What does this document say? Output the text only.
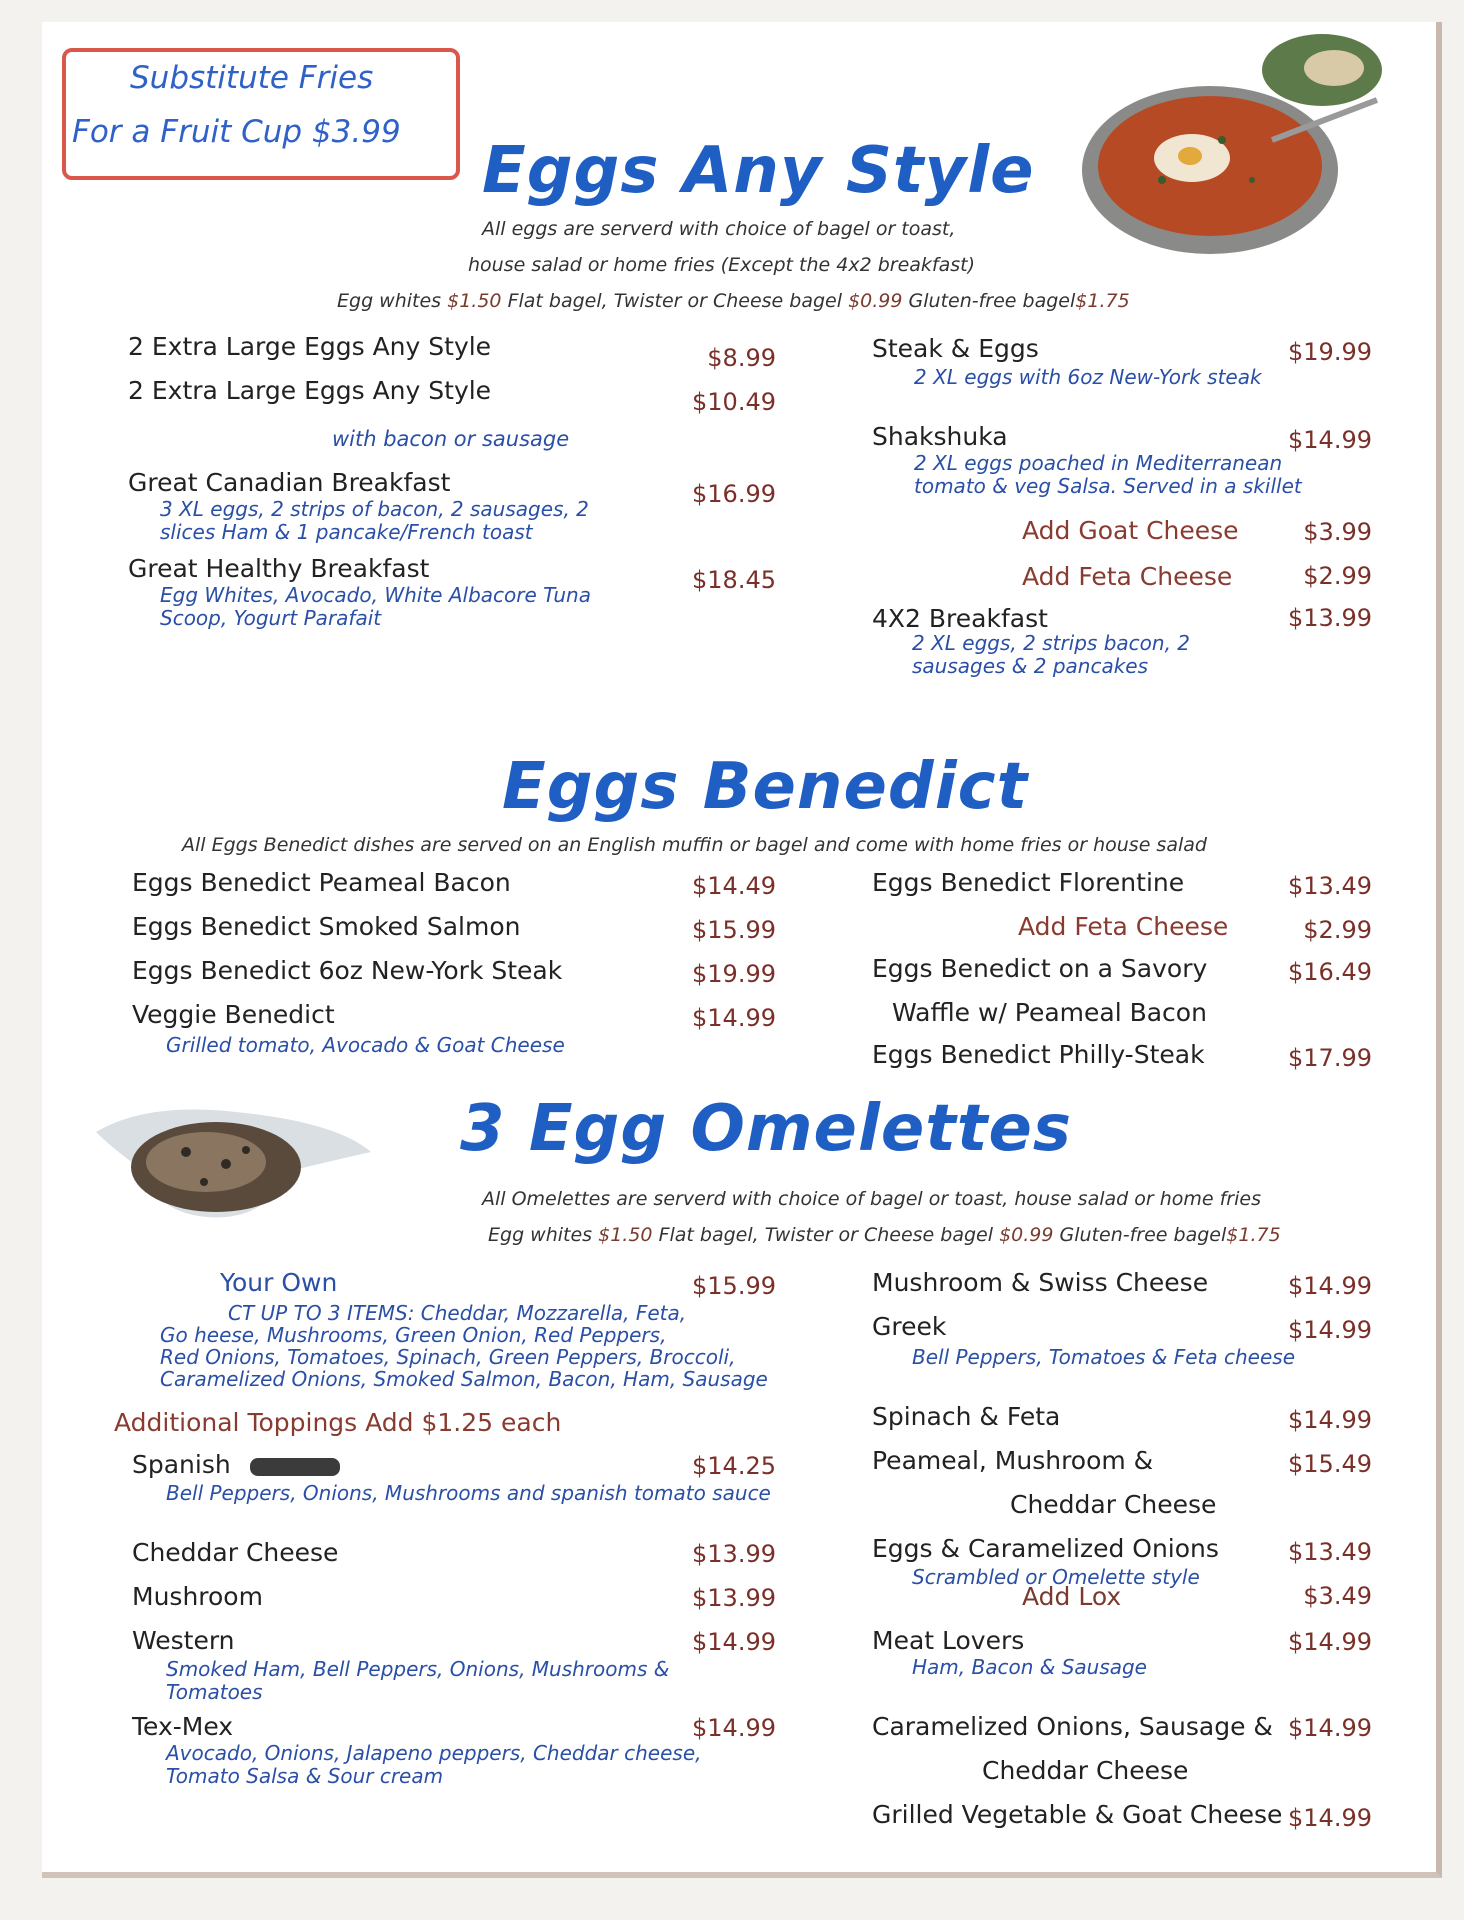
Substitute Fries
For a Fruit Cup $3.99
Eggs Any Style
All eggs are serverd with choice of bagel or toast,
house salad or home fries (Except the 4x2 breakfast)
Egg whites $1.50 Flat bagel, Twister or Cheese bagel $0.99 Gluten-free bagel$1.75
2 Extra Large Eggs Any Style	$8.99
2 Extra Large Eggs Any Style	$10.49
with bacon or sausage
Great Canadian Breakfast	$16.99
3 XL eggs, 2 strips of bacon, 2 sausages, 2 slices Ham & 1 pancake/French toast
Great Healthy Breakfast	$18.45
Egg Whites, Avocado, White Albacore Tuna Scoop, Yogurt Parafait
Steak & Eggs	$19.99
2 XL eggs with 6oz New-York steak
Shakshuka	$14.99
2 XL eggs poached in Mediterranean tomato & veg Salsa. Served in a skillet
Add Goat Cheese	$3.99
Add Feta Cheese	$2.99
4X2 Breakfast	$13.99
2 XL eggs, 2 strips bacon, 2 sausages & 2 pancakes
Eggs Benedict
All Eggs Benedict dishes are served on an English muffin or bagel and come with home fries or house salad
Eggs Benedict Peameal Bacon	$14.49
Eggs Benedict Smoked Salmon	$15.99
Eggs Benedict 6oz New-York Steak	$19.99
Veggie Benedict	$14.99
Grilled tomato, Avocado & Goat Cheese
Eggs Benedict Florentine	$13.49
Add Feta Cheese	$2.99
Eggs Benedict on a Savory
Waffle w/ Peameal Bacon
$16.49
Eggs Benedict Philly-Steak	$17.99
3 Egg Omelettes
All Omelettes are serverd with choice of bagel or toast, house salad or home fries
Egg whites $1.50 Flat bagel, Twister or Cheese bagel $0.99 Gluten-free bagel$1.75
Your Own	$15.99
CT UP TO 3 ITEMS: Cheddar, Mozzarella, Feta,
Go heese, Mushrooms, Green Onion, Red Peppers,
Red Onions, Tomatoes, Spinach, Green Peppers, Broccoli,
Caramelized Onions, Smoked Salmon, Bacon, Ham, Sausage
Additional Toppings Add $1.25 each
Spanish	$14.25
Bell Peppers, Onions, Mushrooms and spanish tomato sauce
Cheddar Cheese	$13.99
Mushroom	$13.99
Western	$14.99
Smoked Ham, Bell Peppers, Onions, Mushrooms & Tomatoes
Tex-Mex	$14.99
Avocado, Onions, Jalapeno peppers, Cheddar cheese, Tomato Salsa & Sour cream
Mushroom & Swiss Cheese	$14.99
Greek	$14.99
Bell Peppers, Tomatoes & Feta cheese
Spinach & Feta	$14.99
Peameal, Mushroom &
Cheddar Cheese
$15.49
Eggs & Caramelized Onions	$13.49
Scrambled or Omelette style
Add Lox	$3.49
Meat Lovers	$14.99
Ham, Bacon & Sausage
Caramelized Onions, Sausage &
Cheddar Cheese
$14.99
Grilled Vegetable & Goat Cheese $14.99
